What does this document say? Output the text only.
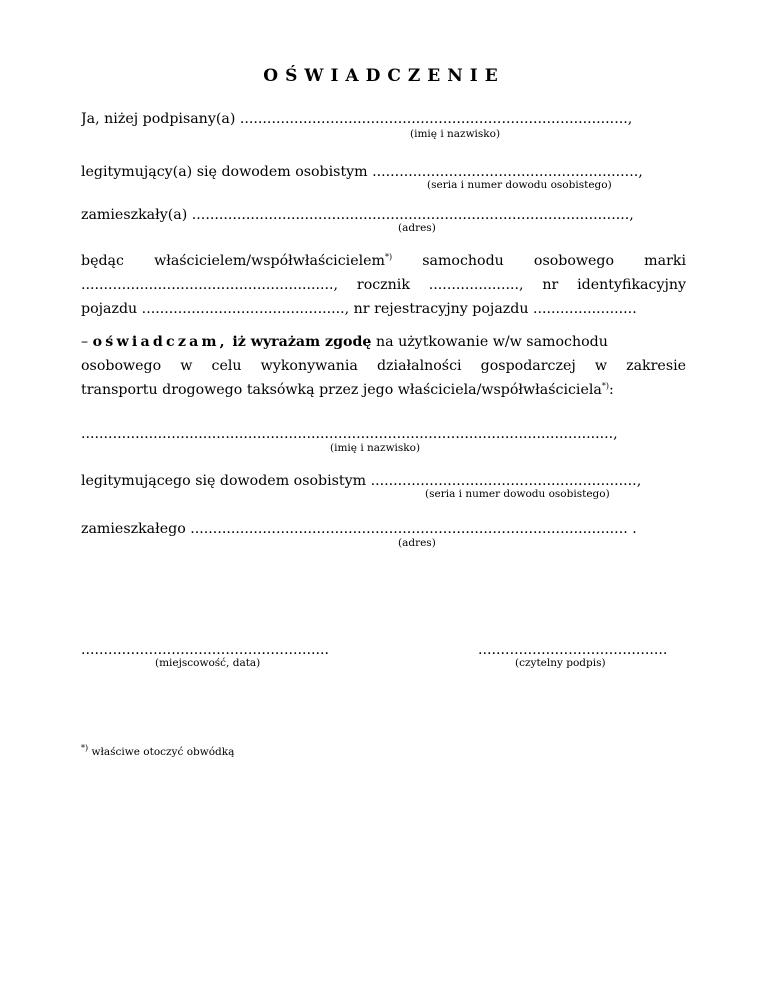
OŚWIADCZENIE
Ja, niżej podpisany(a) ......................................................................................,
(imię i nazwisko)
legitymujący(a) się dowodem osobistym ...........................................................,
(seria i numer dowodu osobistego)
zamieszkały(a) .................................................................................................,
(adres)
będąc właścicielem/współwłaścicielem*) samochodu osobowego marki
........................................................, rocznik ...................., nr identyfikacyjny
pojazdu ............................................., nr rejestracyjny pojazdu .......................
– oświadczam, iż wyrażam zgodę na użytkowanie w/w samochodu
osobowego w celu wykonywania działalności gospodarczej w zakresie
transportu drogowego taksówką przez jego właściciela/współwłaściciela*):
......................................................................................................................,
(imię i nazwisko)
legitymującego się dowodem osobistym ...........................................................,
(seria i numer dowodu osobistego)
zamieszkałego ................................................................................................. .
(adres)
.......................................................
(miejscowość, data)
..........................................
(czytelny podpis)
*) właściwe otoczyć obwódką
